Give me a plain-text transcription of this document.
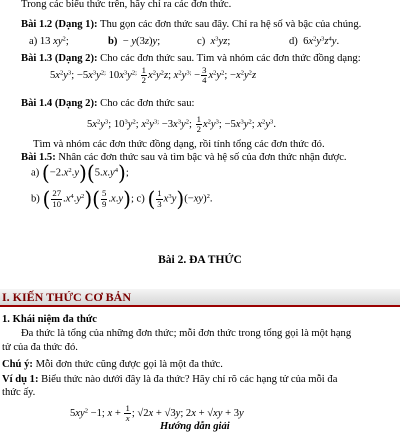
Trong các biểu thức trên, hãy chỉ ra các đơn thức.
Bài 1.2 (Dạng 1): Thu gọn các đơn thức sau đây. Chỉ ra hệ số và bậc của chúng.
a) 13 $xy^2$;	b)  − y(3z)y;	c)  $x^3yz$;	d)  $6x^2y^3z^4y$.
Bài 1.3 (Dạng 2): Cho các đơn thức sau. Tìm và nhóm các đơn thức đồng dạng:
$5x^2y^3$; $-5x^3y^{2;}$ $10x^3y^{2;} \frac{1}{2} x^2y^2z$; $x^2y^{3;} - \frac{3}{4} x^2y^2$; $-x^2y^2z$
Bài 1.4 (Dạng 2): Cho các đơn thức sau:
$5x^2y^3$; $10^3y^2$; $x^2y^{3;} -3x^3y^2$; $\frac{1}{2} x^2y^3$; $-5x^3y^2$; $x^2y^3$.
Tìm và nhóm các đơn thức đồng dạng, rồi tính tổng các đơn thức đó.
Bài 1.5: Nhân các đơn thức sau và tìm bậc và hệ số của đơn thức nhận được.
a) $(-2.x^2.y)(5.x.y^4)$;
b) ( $\frac{27}{10} .x^4.y^2)( \frac{5}{9} .x.y)$; c) ( $\frac{1}{3} x^3y)(-xy)^2$.
Bài 2. ĐA THỨC
I. KIẾN THỨC CƠ BẢN
1. Khái niệm đa thức
Đa thức là tổng của những đơn thức; mỗi đơn thức trong tổng gọi là một hạng
tử của đa thức đó.
Chú ý: Mỗi đơn thức cũng được gọi là một đa thức.
Ví dụ 1: Biểu thức nào dưới đây là đa thức? Hãy chỉ rõ các hạng tử của mỗi đa
thức ấy.
$5xy^2 -1$; $x + \frac{1}{x}$ ; √2x + √3y; 2x + √xy + 3y
Hướng dẫn giải
